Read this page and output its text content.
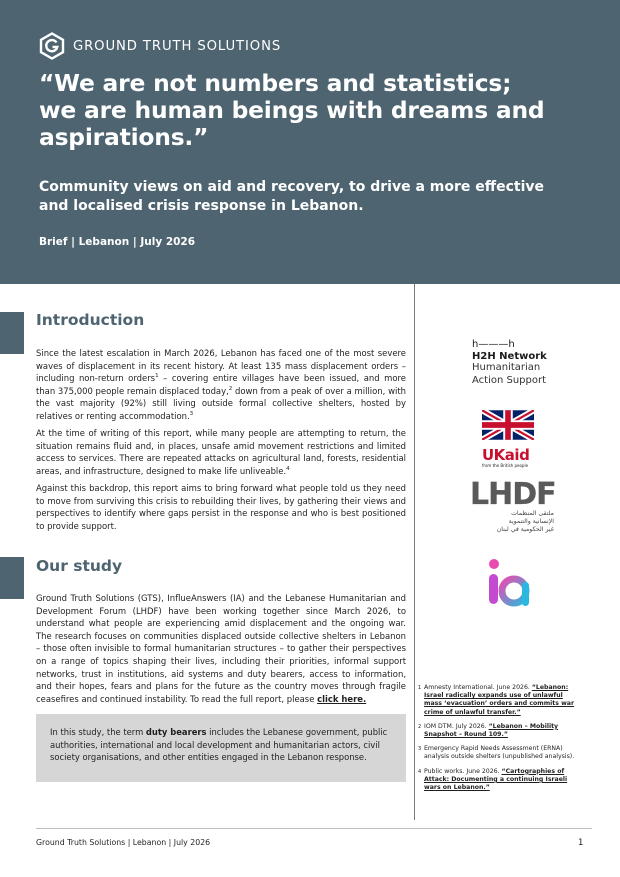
GROUND TRUTH SOLUTIONS
“We are not numbers and statistics;
we are human beings with dreams and
aspirations.”
Community views on aid and recovery, to drive a more effective
and localised crisis response in Lebanon.
Brief | Lebanon | July 2026
Introduction
Since the latest escalation in March 2026, Lebanon has faced one of the most severe waves of displacement in its recent history. At least 135 mass displacement orders – including non-return orders$^1$ – covering entire villages have been issued, and more than 375,000 people remain displaced today,$^2$ down from a peak of over a million, with the vast majority (92%) still living outside formal collective shelters, hosted by relatives or renting accommodation.$^3$
At the time of writing of this report, while many people are attempting to return, the situation remains fluid and, in places, unsafe amid movement restrictions and limited access to services. There are repeated attacks on agricultural land, forests, residential areas, and infrastructure, designed to make life unliveable.$^4$
Against this backdrop, this report aims to bring forward what people told us they need to move from surviving this crisis to rebuilding their lives, by gathering their views and perspectives to identify where gaps persist in the response and who is best positioned to provide support.
Our study
Ground Truth Solutions (GTS), InflueAnswers (IA) and the Lebanese Humanitarian and Development Forum (LHDF) have been working together since March 2026, to understand what people are experiencing amid displacement and the ongoing war. The research focuses on communities displaced outside collective shelters in Lebanon – those often invisible to formal humanitarian structures – to gather their perspectives on a range of topics shaping their lives, including their priorities, informal support networks, trust in institutions, aid systems and duty bearers, access to information, and their hopes, fears and plans for the future as the country moves through fragile ceasefires and continued instability. To read the full report, please click here.
In this study, the term duty bearers includes the Lebanese government, public authorities, international and local development and humanitarian actors, civil society organisations, and other entities engaged in the Lebanon response.
h———h
H2H Network
Humanitarian
Action Support
UKaid
from the British people
LHDF
ملتقى المنظمات
الإنسانية والتنموية
غير الحكومية في لبنان
1 Amnesty International. June 2026. “Lebanon: Israel radically expands use of unlawful mass ‘evacuation’ orders and commits war crime of unlawful transfer.”
2 IOM DTM. July 2026. “Lebanon – Mobility Snapshot – Round 109.”
3 Emergency Rapid Needs Assessment (ERNA) analysis outside shelters (unpublished analysis).
4 Public works. June 2026. “Cartographies of Attack: Documenting a continuing Israeli wars on Lebanon.”
Ground Truth Solutions | Lebanon | July 2026	1
